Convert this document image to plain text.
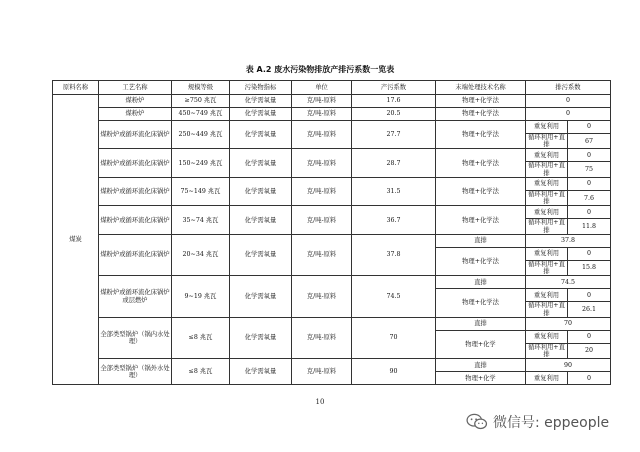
表 A.2 废水污染物排放产排污系数一览表
原料名称	工艺名称	规模等级	污染物指标	单位	产污系数	末端处理技术名称	排污系数	
煤炭	煤粉炉	≥750 兆瓦	化学需氧量	克/吨-原料	17.6	物理+化学法	0	
	煤粉炉	450~749 兆瓦	化学需氧量	克/吨-原料	20.5	物理+化学法	0	
	煤粉炉或循环流化床锅炉	250~449 兆瓦	化学需氧量	克/吨-原料	27.7	物理+化学法	重复利用	0
							循环利用+直排	67
	煤粉炉或循环流化床锅炉	150~249 兆瓦	化学需氧量	克/吨-原料	28.7	物理+化学法	重复利用	0
							循环利用+直排	75
	煤粉炉或循环流化床锅炉	75~149 兆瓦	化学需氧量	克/吨-原料	31.5	物理+化学法	重复利用	0
							循环利用+直排	7.6
	煤粉炉或循环流化床锅炉	35~74 兆瓦	化学需氧量	克/吨-原料	36.7	物理+化学法	重复利用	0
							循环利用+直排	11.8
	煤粉炉或循环流化床锅炉	20~34 兆瓦	化学需氧量	克/吨-原料	37.8	直排	37.8	
						物理+化学法	重复利用	0
							循环利用+直排	15.8
	煤粉炉或循环流化床锅炉或层燃炉	9~19 兆瓦	化学需氧量	克/吨-原料	74.5	直排	74.5	
						物理+化学法	重复利用	0
							循环利用+直排	26.1
	全部类型锅炉（锅内水处理）	≤8 兆瓦	化学需氧量	克/吨-原料	70	直排	70	
						物理+化学	重复利用	0
							循环利用+直排	20
	全部类型锅炉（锅外水处理）	≤8 兆瓦	化学需氧量	克/吨-原料	90	直排	90	
						物理+化学	重复利用	0
10
微信号: eppeople
